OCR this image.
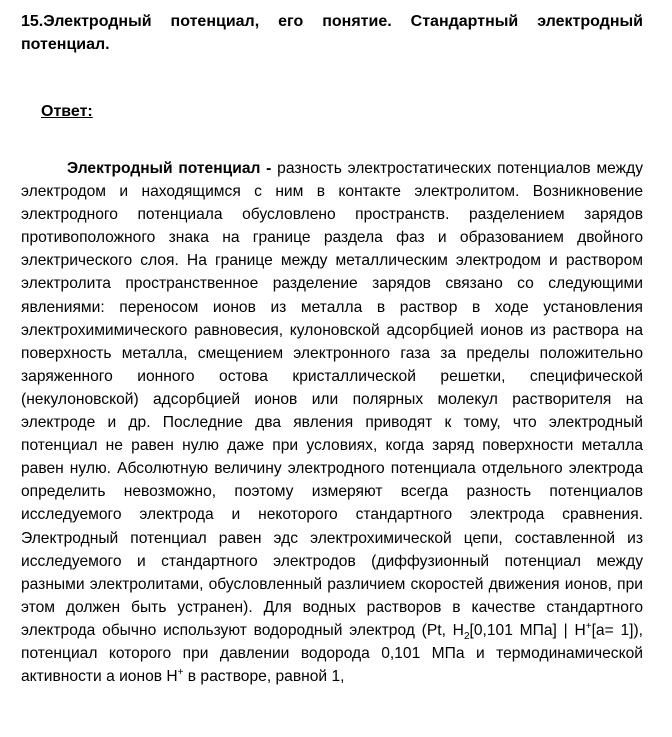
15.Электродный потенциал, его понятие. Стандартный электродный потенциал.

Ответ:

Электродный потенциал - разность электростатических потенциалов между электродом и находящимся с ним в контакте электролитом. Возникновение электродного потенциала обусловлено пространств. разделением зарядов противоположного знака на границе раздела фаз и образованием двойного электрического слоя. На границе между металлическим электродом и раствором электролита пространственное разделение зарядов связано со следующими явлениями: переносом ионов из металла в раствор в ходе установления электрохимимического равновесия, кулоновской адсорбцией ионов из раствора на поверхность металла, смещением электронного газа за пределы положительно заряженного ионного остова кристаллической решетки, специфической (некулоновской) адсорбцией ионов или полярных молекул растворителя на электроде и др. Последние два явления приводят к тому, что электродный потенциал не равен нулю даже при условиях, когда заряд поверхности металла равен нулю. Абсолютную величину электродного потенциала отдельного электрода определить невозможно, поэтому измеряют всегда разность потенциалов исследуемого электрода и некоторого стандартного электрода сравнения. Электродный потенциал равен эдс электрохимической цепи, составленной из исследуемого и стандартного электродов (диффузионный потенциал между разными электролитами, обусловленный различием скоростей движения ионов, при этом должен быть устранен). Для водных растворов в качестве стандартного электрода обычно используют водородный электрод (Pt, $H_2[0,101$ МПа] | H+[a= 1]), потенциал которого при давлении водорода 0,101 МПа и термодинамической активности a ионов H+ в растворе, равной 1,
